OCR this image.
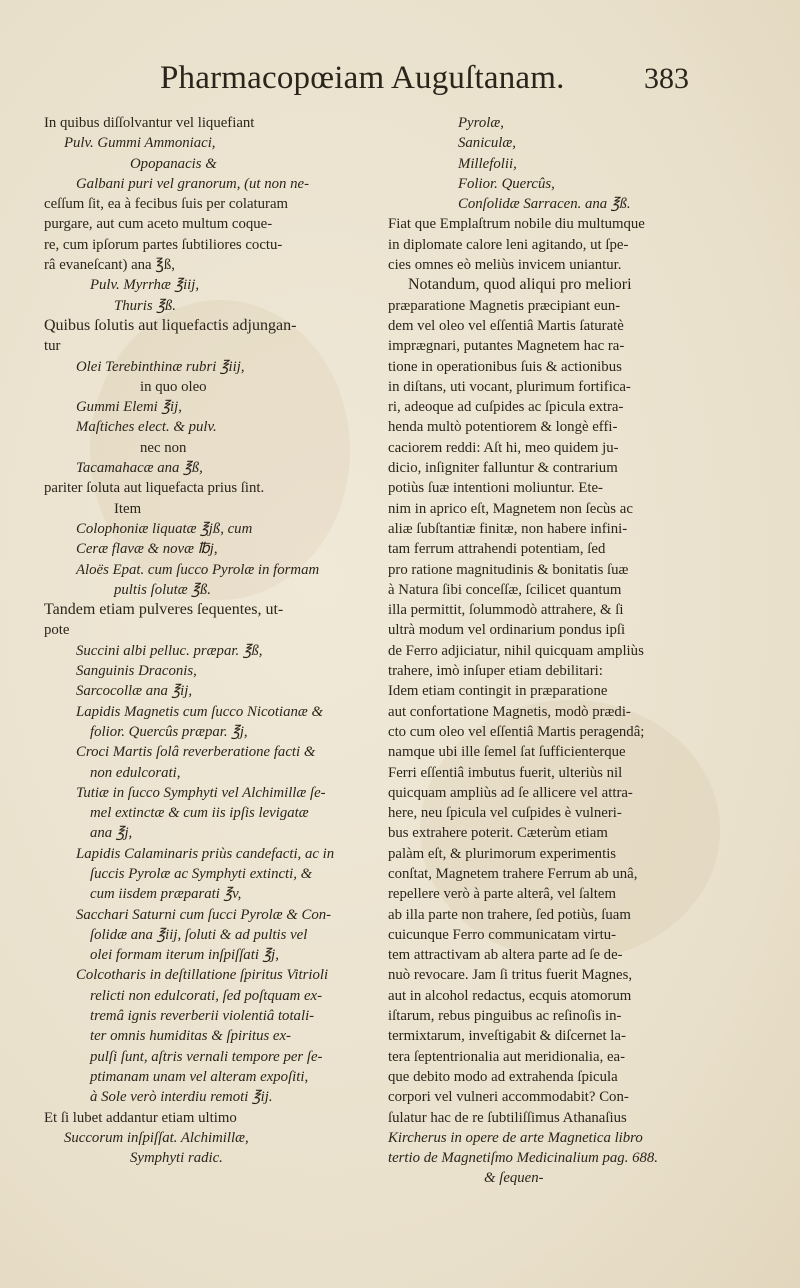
Pharmacopœiam Auguſtanam.	383
In quibus diſſolvantur vel liquefiant
Pulv. Gummi Ammoniaci,
Opopanacis &
Galbani puri vel granorum, (ut non ne-
ceſſum ſit, ea à fecibus ſuis per colaturam
purgare, aut cum aceto multum coque-
re, cum ipſorum partes ſubtiliores coctu-
râ evaneſcant) ana ℥ß,
Pulv. Myrrhæ ℥iij,
Thuris ℥ß.
Quibus ſolutis aut liquefactis adjungan-
tur
Olei Terebinthinæ rubri ℥iij,
in quo oleo
Gummi Elemi ℥ij,
Maſtiches elect. & pulv.
nec non
Tacamahacæ ana ℥ß,
pariter ſoluta aut liquefacta prius ſint.
Item
Colophoniæ liquatæ ℥jß, cum
Ceræ flavæ & novæ ℔j,
Aloës Epat. cum ſucco Pyrolæ in formam
pultis ſolutæ ℥ß.
Tandem etiam pulveres ſequentes, ut-
pote
Succini albi pelluc. præpar. ℥ß,
Sanguinis Draconis,
Sarcocollæ ana ℥ij,
Lapidis Magnetis cum ſucco Nicotianæ &
folior. Quercûs præpar. ℥j,
Croci Martis ſolâ reverberatione facti &
non edulcorati,
Tutiæ in ſucco Symphyti vel Alchimillæ ſe-
mel extinctæ & cum iis ipſis levigatæ
ana ℥j,
Lapidis Calaminaris priùs candefacti, ac in
ſuccis Pyrolæ ac Symphyti extincti, &
cum iisdem præparati ℥v,
Sacchari Saturni cum ſucci Pyrolæ & Con-
ſolidæ ana ℥iij, ſoluti & ad pultis vel
olei formam iterum inſpiſſati ℥j,
Colcotharis in deſtillatione ſpiritus Vitrioli
relicti non edulcorati, ſed poſtquam ex-
tremâ ignis reverberii violentiâ totali-
ter omnis humiditas & ſpiritus ex-
pulſi ſunt, aſtris vernali tempore per ſe-
ptimanam unam vel alteram expoſiti,
à Sole verò interdiu remoti ℥ij.
Et ſi lubet addantur etiam ultimo
Succorum inſpiſſat. Alchimillæ,
Symphyti radic.
Pyrolæ,
Saniculæ,
Millefolii,
Folior. Quercûs,
Conſolidæ Sarracen. ana ℥ß.
Fiat que Emplaſtrum nobile diu multumque
in diplomate calore leni agitando, ut ſpe-
cies omnes eò meliùs invicem uniantur.
Notandum, quod aliqui pro meliori
præparatione Magnetis præcipiant eun-
dem vel oleo vel eſſentiâ Martis ſaturatè
imprægnari, putantes Magnetem hac ra-
tione in operationibus ſuis & actionibus
in diſtans, uti vocant, plurimum fortifica-
ri, adeoque ad cuſpides ac ſpicula extra-
henda multò potentiorem & longè effi-
caciorem reddi: Aſt hi, meo quidem ju-
dicio, inſigniter falluntur & contrarium
potiùs ſuæ intentioni moliuntur. Ete-
nim in aprico eſt, Magnetem non ſecùs ac
aliæ ſubſtantiæ finitæ, non habere infini-
tam ferrum attrahendi potentiam, ſed
pro ratione magnitudinis & bonitatis ſuæ
à Natura ſibi conceſſæ, ſcilicet quantum
illa permittit, ſolummodò attrahere, & ſi
ultrà modum vel ordinarium pondus ipſi
de Ferro adjiciatur, nihil quicquam ampliùs
trahere, imò inſuper etiam debilitari:
Idem etiam contingit in præparatione
aut confortatione Magnetis, modò prædi-
cto cum oleo vel eſſentiâ Martis peragendâ;
namque ubi ille ſemel ſat ſufficienterque
Ferri eſſentiâ imbutus fuerit, ulteriùs nil
quicquam ampliùs ad ſe allicere vel attra-
here, neu ſpicula vel cuſpides è vulneri-
bus extrahere poterit. Cæterùm etiam
palàm eſt, & plurimorum experimentis
conſtat, Magnetem trahere Ferrum ab unâ,
repellere verò à parte alterâ, vel ſaltem
ab illa parte non trahere, ſed potiùs, ſuam
cuicunque Ferro communicatam virtu-
tem attractivam ab altera parte ad ſe de-
nuò revocare. Jam ſi tritus fuerit Magnes,
aut in alcohol redactus, ecquis atomorum
iſtarum, rebus pinguibus ac reſinoſis in-
termixtarum, inveſtigabit & diſcernet la-
tera ſeptentrionalia aut meridionalia, ea-
que debito modo ad extrahenda ſpicula
corpori vel vulneri accommodabit? Con-
ſulatur hac de re ſubtiliſſimus Athanaſius
Kircherus in opere de arte Magnetica libro
tertio de Magnetiſmo Medicinalium pag. 688.
& ſequen-
